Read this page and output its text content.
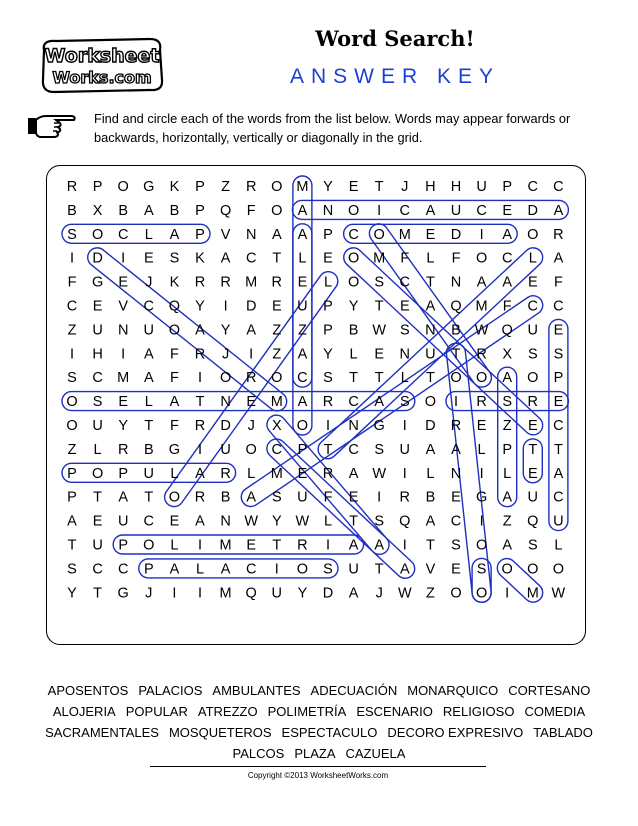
Worksheet
Works.com
Word Search!
ANSWER KEY
Find and circle each of the words from the list below. Words may appear forwards or backwards, horizontally, vertically or diagonally in the grid.
R P O G K P Z R O M Y E T J H H U P C C
B X B A B P Q F O A N O I C A U C E D A
S O C L A P V N A A P C O M E D I A O R
I D I E S K A C T L E O M F L F O C L A
F G E J K R R M R E L O S C T N A A E F
C E V C Q Y I D E U P Y T E A Q M F C C
Z U N U O A Y A Z Z P B W S N B W Q U E
I H I A F R J I Z A Y L E N U T R X S S
S C M A F I O R O C S T T L T O O A O P
O S E L A T N E M A R C A S O I R S R E
O U Y T F R D J X O I N G I D R E Z E C
Z L R B G I U O C P T C S U A A L P T T
P O P U L A R L M E R A W I L N I L E A
P T A T O R B A S U F E I R B E G A U C
A E U C E A N W Y W L T S Q A C I Z Q U
T U P O L I M E T R I A A I T S O A S L
S C C P A L A C I O S U T A V E S O O O
Y T G J I I M Q U Y D A J W Z O O I M W
APOSENTOS PALACIOS AMBULANTES ADECUACIÓN MONARQUICO CORTESANO
ALOJERIA POPULAR ATREZZO POLIMETRÍA ESCENARIO RELIGIOSO COMEDIA
SACRAMENTALES MOSQUETEROS ESPECTACULO DECORO EXPRESIVO TABLADO
PALCOS PLAZA CAZUELA
Copyright ©2013 WorksheetWorks.com
